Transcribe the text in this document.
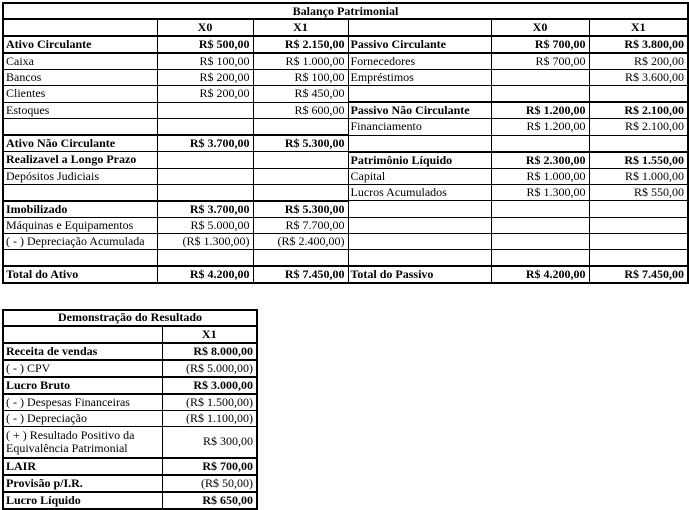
Balanço Patrimonial					
	X0	X1		X0	X1
Ativo Circulante	R$ 500,00	R$ 2.150,00	Passivo Circulante	R$ 700,00	R$ 3.800,00
Caixa	R$ 100,00	R$ 1.000,00	Fornecedores	R$ 700,00	R$ 200,00
Bancos	R$ 200,00	R$ 100,00	Empréstimos		R$ 3.600,00
Clientes	R$ 200,00	R$ 450,00			
Estoques		R$ 600,00	Passivo Não Circulante	R$ 1.200,00	R$ 2.100,00
			Financiamento	R$ 1.200,00	R$ 2.100,00
Ativo Não Circulante	R$ 3.700,00	R$ 5.300,00			
Realizavel a Longo Prazo			Patrimônio Líquido	R$ 2.300,00	R$ 1.550,00
Depósitos Judiciais			Capital	R$ 1.000,00	R$ 1.000,00
			Lucros Acumulados	R$ 1.300,00	R$ 550,00
Imobilizado	R$ 3.700,00	R$ 5.300,00			
Máquinas e Equipamentos	R$ 5.000,00	R$ 7.700,00			
( - ) Depreciação Acumulada	(R$ 1.300,00)	(R$ 2.400,00)			

Total do Ativo	R$ 4.200,00	R$ 7.450,00	Total do Passivo	R$ 4.200,00	R$ 7.450,00
Demonstração do Resultado	
	X1
Receita de vendas	R$ 8.000,00
( - ) CPV	(R$ 5.000,00)
Lucro Bruto	R$ 3.000,00
( - ) Despesas Financeiras	(R$ 1.500,00)
( - ) Depreciação	(R$ 1.100,00)
( + ) Resultado Positivo da Equivalência Patrimonial	R$ 300,00
LAIR	R$ 700,00
Provisão p/I.R.	(R$ 50,00)
Lucro Líquido	R$ 650,00
